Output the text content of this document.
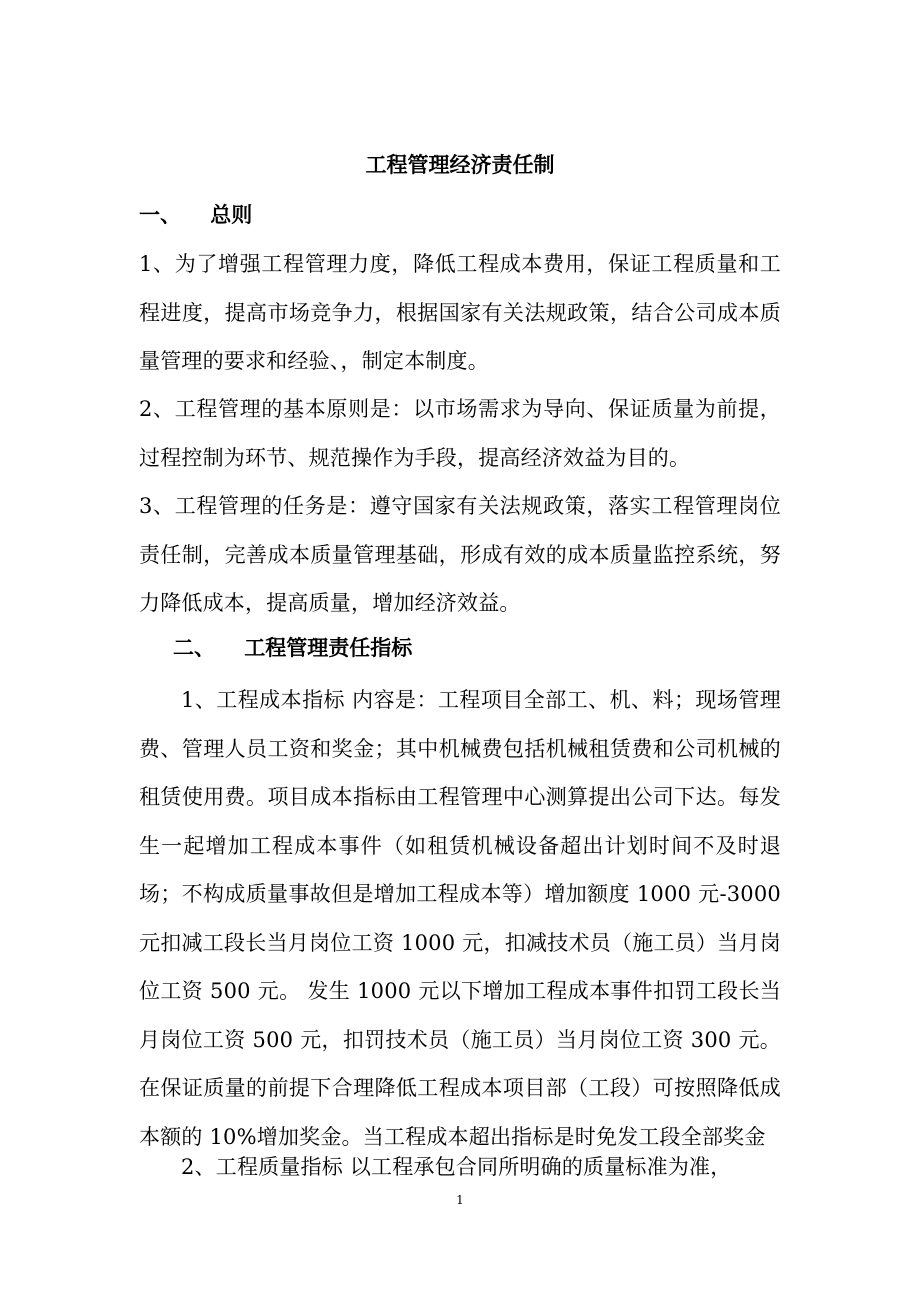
工程管理经济责任制
一、    总则

1、为了增强工程管理力度，降低工程成本费用，保证工程质量和工程进度，提高市场竞争力，根据国家有关法规政策，结合公司成本质量管理的要求和经验、，制定本制度。

2、工程管理的基本原则是：以市场需求为导向、保证质量为前提，过程控制为环节、规范操作为手段，提高经济效益为目的。

3、工程管理的任务是：遵守国家有关法规政策，落实工程管理岗位责任制，完善成本质量管理基础，形成有效的成本质量监控系统，努力降低成本，提高质量，增加经济效益。

二、    工程管理责任指标

1、工程成本指标 内容是：工程项目全部工、机、料；现场管理费、管理人员工资和奖金；其中机械费包括机械租赁费和公司机械的租赁使用费。项目成本指标由工程管理中心测算提出公司下达。每发生一起增加工程成本事件（如租赁机械设备超出计划时间不及时退场；不构成质量事故但是增加工程成本等）增加额度 1000 元-3000 元扣减工段长当月岗位工资 1000 元，扣减技术员（施工员）当月岗位工资 500 元。 发生 1000 元以下增加工程成本事件扣罚工段长当月岗位工资 500 元，扣罚技术员（施工员）当月岗位工资 300 元。在保证质量的前提下合理降低工程成本项目部（工段）可按照降低成本额的 10%增加奖金。当工程成本超出指标是时免发工段全部奖金

2、工程质量指标 以工程承包合同所明确的质量标准为准，

1
